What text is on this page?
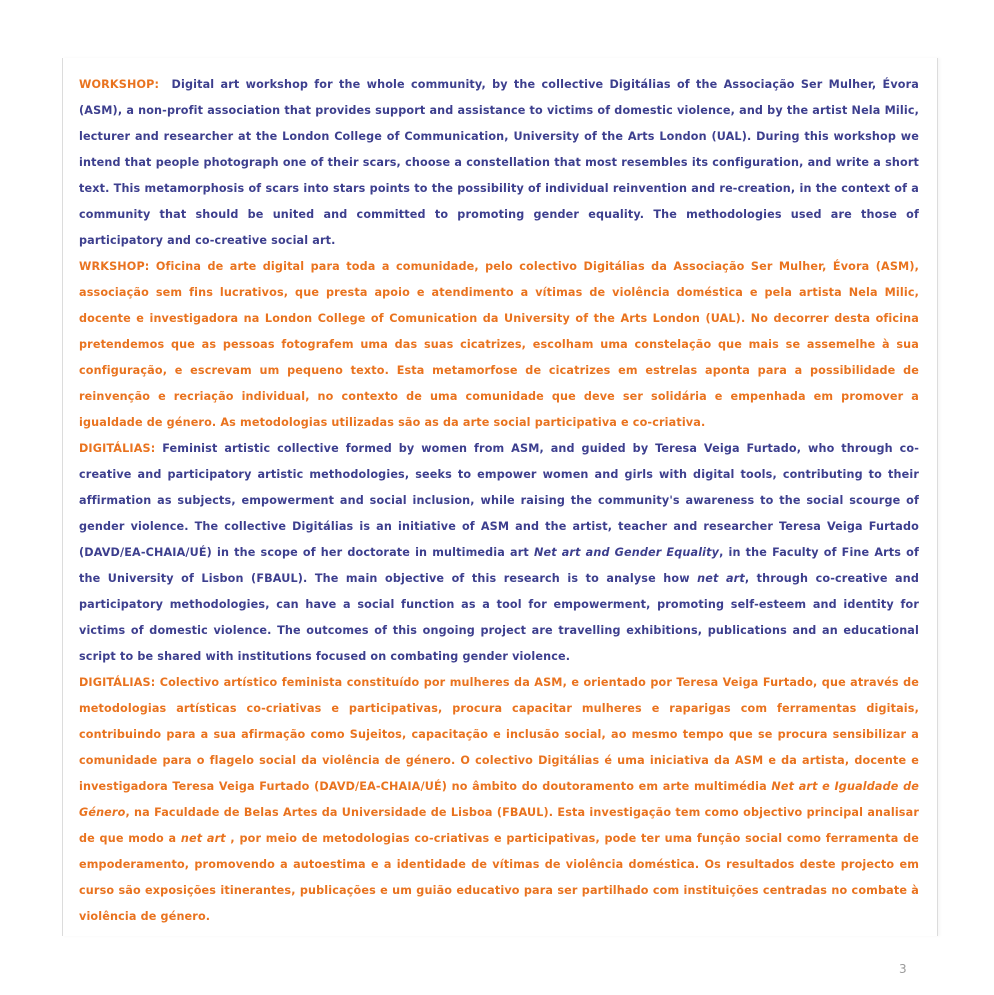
WORKSHOP: Digital art workshop for the whole community, by the collective Digitálias of the Associação Ser Mulher, Évora (ASM), a non-profit association that provides support and assistance to victims of domestic violence, and by the artist Nela Milic, lecturer and researcher at the London College of Communication, University of the Arts London (UAL). During this workshop we intend that people photograph one of their scars, choose a constellation that most resembles its configuration, and write a short text. This metamorphosis of scars into stars points to the possibility of individual reinvention and re-creation, in the context of a community that should be united and committed to promoting gender equality. The methodologies used are those of participatory and co-creative social art.

WRKSHOP: Oficina de arte digital para toda a comunidade, pelo colectivo Digitálias da Associação Ser Mulher, Évora (ASM), associação sem fins lucrativos, que presta apoio e atendimento a vítimas de violência doméstica e pela artista Nela Milic, docente e investigadora na London College of Comunication da University of the Arts London (UAL). No decorrer desta oficina pretendemos que as pessoas fotografem uma das suas cicatrizes, escolham uma constelação que mais se assemelhe à sua configuração, e escrevam um pequeno texto. Esta metamorfose de cicatrizes em estrelas aponta para a possibilidade de reinvenção e recriação individual, no contexto de uma comunidade que deve ser solidária e empenhada em promover a igualdade de género. As metodologias utilizadas são as da arte social participativa e co-criativa.

DIGITÁLIAS: Feminist artistic collective formed by women from ASM, and guided by Teresa Veiga Furtado, who through co-creative and participatory artistic methodologies, seeks to empower women and girls with digital tools, contributing to their affirmation as subjects, empowerment and social inclusion, while raising the community's awareness to the social scourge of gender violence. The collective Digitálias is an initiative of ASM and the artist, teacher and researcher Teresa Veiga Furtado (DAVD/EA-CHAIA/UÉ) in the scope of her doctorate in multimedia art Net art and Gender Equality, in the Faculty of Fine Arts of the University of Lisbon (FBAUL). The main objective of this research is to analyse how net art, through co-creative and participatory methodologies, can have a social function as a tool for empowerment, promoting self-esteem and identity for victims of domestic violence. The outcomes of this ongoing project are travelling exhibitions, publications and an educational script to be shared with institutions focused on combating gender violence.

DIGITÁLIAS: Colectivo artístico feminista constituído por mulheres da ASM, e orientado por Teresa Veiga Furtado, que através de metodologias artísticas co-criativas e participativas, procura capacitar mulheres e raparigas com ferramentas digitais, contribuindo para a sua afirmação como Sujeitos, capacitação e inclusão social, ao mesmo tempo que se procura sensibilizar a comunidade para o flagelo social da violência de género. O colectivo Digitálias é uma iniciativa da ASM e da artista, docente e investigadora Teresa Veiga Furtado (DAVD/EA-CHAIA/UÉ) no âmbito do doutoramento em arte multimédia Net art e Igualdade de Género, na Faculdade de Belas Artes da Universidade de Lisboa (FBAUL). Esta investigação tem como objectivo principal analisar de que modo a net art , por meio de metodologias co-criativas e participativas, pode ter uma função social como ferramenta de empoderamento, promovendo a autoestima e a identidade de vítimas de violência doméstica. Os resultados deste projecto em curso são exposições itinerantes, publicações e um guião educativo para ser partilhado com instituições centradas no combate à violência de género.

3
